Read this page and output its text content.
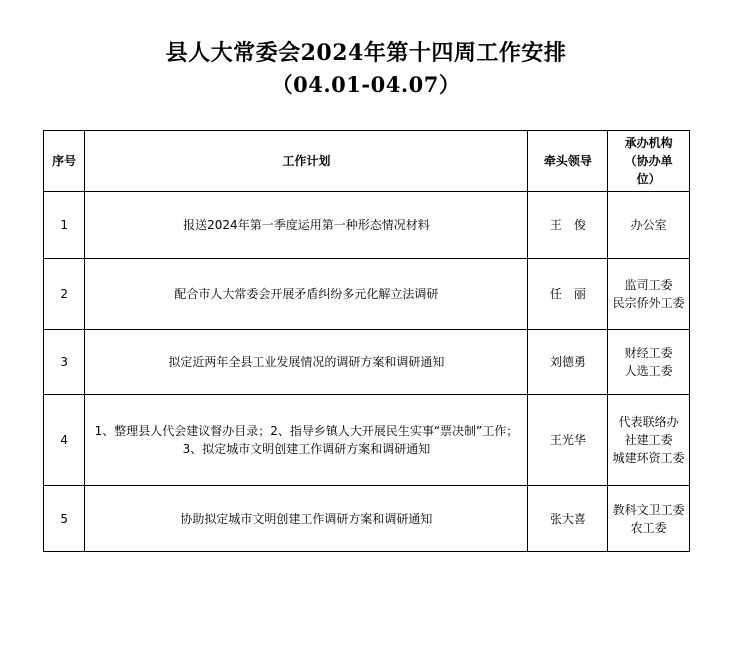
县人大常委会2024年第十四周工作安排
（04.01-04.07）
序号	工作计划	牵头领导	承办机构
（协办单
位）

1	报送2024年第一季度运用第一种形态情况材料	王　俊	办公室

2	配合市人大常委会开展矛盾纠纷多元化解立法调研	任　丽	监司工委
民宗侨外工委

3	拟定近两年全县工业发展情况的调研方案和调研通知	刘德勇	财经工委
人选工委

4	1、整理县人代会建议督办目录；2、指导乡镇人大开展民生实事“票决制”工作；3、拟定城市文明创建工作调研方案和调研通知	王光华	代表联络办
社建工委
城建环资工委

5	协助拟定城市文明创建工作调研方案和调研通知	张大喜	教科文卫工委
农工委
